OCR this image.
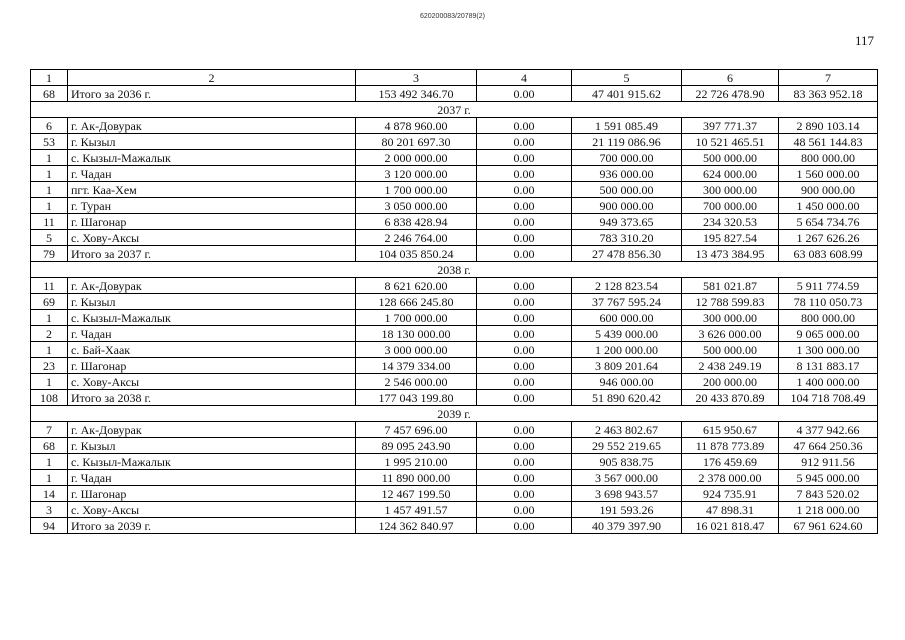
620200083/20789(2)
117
1	2	3	4	5	6	7
68	Итого за 2036 г.	153 492 346.70	0.00	47 401 915.62	22 726 478.90	83 363 952.18
2037 г.						
6	г. Ак-Довурак	4 878 960.00	0.00	1 591 085.49	397 771.37	2 890 103.14
53	г. Кызыл	80 201 697.30	0.00	21 119 086.96	10 521 465.51	48 561 144.83
1	с. Кызыл-Мажалык	2 000 000.00	0.00	700 000.00	500 000.00	800 000.00
1	г. Чадан	3 120 000.00	0.00	936 000.00	624 000.00	1 560 000.00
1	пгт. Каа-Хем	1 700 000.00	0.00	500 000.00	300 000.00	900 000.00
1	г. Туран	3 050 000.00	0.00	900 000.00	700 000.00	1 450 000.00
11	г. Шагонар	6 838 428.94	0.00	949 373.65	234 320.53	5 654 734.76
5	с. Хову-Аксы	2 246 764.00	0.00	783 310.20	195 827.54	1 267 626.26
79	Итого за 2037 г.	104 035 850.24	0.00	27 478 856.30	13 473 384.95	63 083 608.99
2038 г.						
11	г. Ак-Довурак	8 621 620.00	0.00	2 128 823.54	581 021.87	5 911 774.59
69	г. Кызыл	128 666 245.80	0.00	37 767 595.24	12 788 599.83	78 110 050.73
1	с. Кызыл-Мажалык	1 700 000.00	0.00	600 000.00	300 000.00	800 000.00
2	г. Чадан	18 130 000.00	0.00	5 439 000.00	3 626 000.00	9 065 000.00
1	с. Бай-Хаак	3 000 000.00	0.00	1 200 000.00	500 000.00	1 300 000.00
23	г. Шагонар	14 379 334.00	0.00	3 809 201.64	2 438 249.19	8 131 883.17
1	с. Хову-Аксы	2 546 000.00	0.00	946 000.00	200 000.00	1 400 000.00
108	Итого за 2038 г.	177 043 199.80	0.00	51 890 620.42	20 433 870.89	104 718 708.49
2039 г.						
7	г. Ак-Довурак	7 457 696.00	0.00	2 463 802.67	615 950.67	4 377 942.66
68	г. Кызыл	89 095 243.90	0.00	29 552 219.65	11 878 773.89	47 664 250.36
1	с. Кызыл-Мажалык	1 995 210.00	0.00	905 838.75	176 459.69	912 911.56
1	г. Чадан	11 890 000.00	0.00	3 567 000.00	2 378 000.00	5 945 000.00
14	г. Шагонар	12 467 199.50	0.00	3 698 943.57	924 735.91	7 843 520.02
3	с. Хову-Аксы	1 457 491.57	0.00	191 593.26	47 898.31	1 218 000.00
94	Итого за 2039 г.	124 362 840.97	0.00	40 379 397.90	16 021 818.47	67 961 624.60
